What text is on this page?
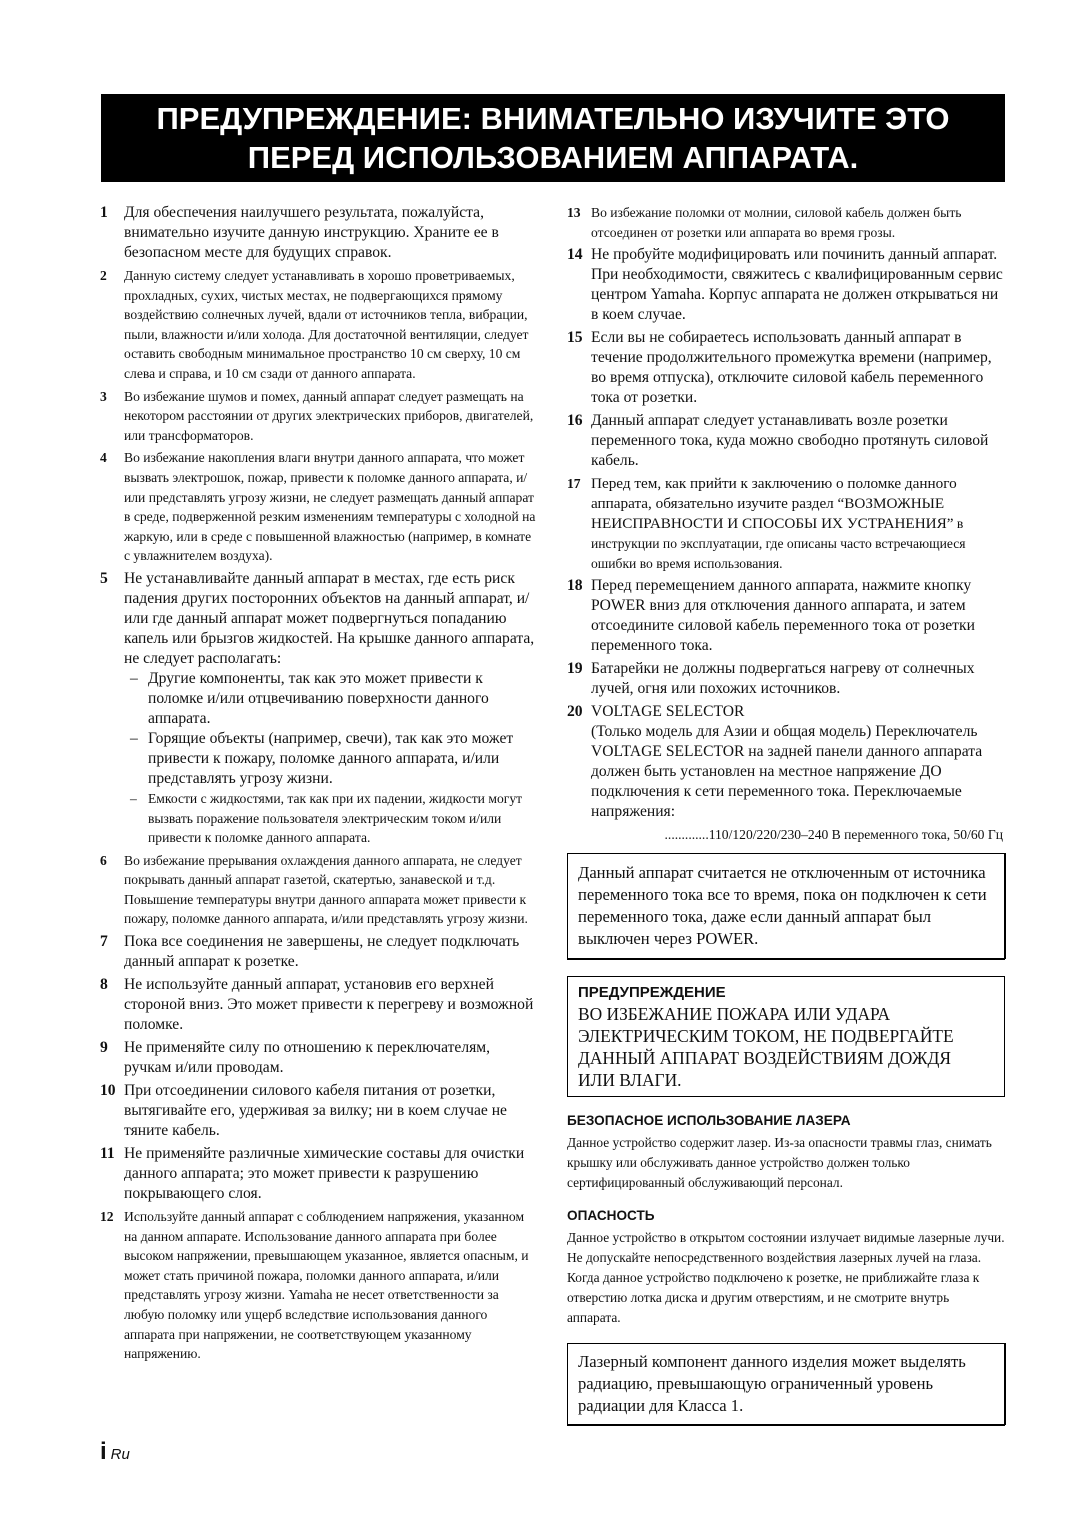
ПРЕДУПРЕЖДЕНИЕ: ВНИМАТЕЛЬНО ИЗУЧИТЕ ЭТО
ПЕРЕД ИСПОЛЬЗОВАНИЕМ АППАРАТА.
1 Для обеспечения наилучшего результата, пожалуйста, внимательно изучите данную инструкцию. Храните ее в безопасном месте для будущих справок.
2 Данную систему следует устанавливать в хорошо проветриваемых, прохладных, сухих, чистых местах, не подвергающихся прямому воздействию солнечных лучей, вдали от источников тепла, вибрации, пыли, влажности и/или холода. Для достаточной вентиляции, следует оставить свободным минимальное пространство 10 см сверху, 10 см слева и справа, и 10 см сзади от данного аппарата.
3 Во избежание шумов и помех, данный аппарат следует размещать на некотором расстоянии от других электрических приборов, двигателей, или трансформаторов.
4 Во избежание накопления влаги внутри данного аппарата, что может вызвать электрошок, пожар, привести к поломке данного аппарата, и/или представлять угрозу жизни, не следует размещать данный аппарат в среде, подверженной резким изменениям температуры с холодной на жаркую, или в среде с повышенной влажностью (например, в комнате с увлажнителем воздуха).
5 Не устанавливайте данный аппарат в местах, где есть риск падения других посторонних объектов на данный аппарат, и/или где данный аппарат может подвергнуться попаданию капель или брызгов жидкостей. На крышке данного аппарата, не следует располагать:
– Другие компоненты, так как это может привести к поломке и/или отцвечиванию поверхности данного аппарата.
– Горящие объекты (например, свечи), так как это может привести к пожару, поломке данного аппарата, и/или представлять угрозу жизни.
– Емкости с жидкостями, так как при их падении, жидкости могут вызвать поражение пользователя электрическим током и/или привести к поломке данного аппарата.
6 Во избежание прерывания охлаждения данного аппарата, не следует покрывать данный аппарат газетой, скатертью, занавеской и т.д. Повышение температуры внутри данного аппарата может привести к пожару, поломке данного аппарата, и/или представлять угрозу жизни.
7 Пока все соединения не завершены, не следует подключать данный аппарат к розетке.
8 Не используйте данный аппарат, установив его верхней стороной вниз. Это может привести к перегреву и возможной поломке.
9 Не применяйте силу по отношению к переключателям, ручкам и/или проводам.
10 При отсоединении силового кабеля питания от розетки, вытягивайте его, удерживая за вилку; ни в коем случае не тяните кабель.
11 Не применяйте различные химические составы для очистки данного аппарата; это может привести к разрушению покрывающего слоя.
12 Используйте данный аппарат с соблюдением напряжения, указанном на данном аппарате. Использование данного аппарата при более высоком напряжении, превышающем указанное, является опасным, и может стать причиной пожара, поломки данного аппарата, и/или представлять угрозу жизни. Yamaha не несет ответственности за любую поломку или ущерб вследствие использования данного аппарата при напряжении, не соответствующем указанному напряжению.
13 Во избежание поломки от молнии, силовой кабель должен быть отсоединен от розетки или аппарата во время грозы.
14 Не пробуйте модифицировать или починить данный аппарат. При необходимости, свяжитесь с квалифицированным сервис центром Yamaha. Корпус аппарата не должен открываться ни в коем случае.
15 Если вы не собираетесь использовать данный аппарат в течение продолжительного промежутка времени (например, во время отпуска), отключите силовой кабель переменного тока от розетки.
16 Данный аппарат следует устанавливать возле розетки переменного тока, куда можно свободно протянуть силовой кабель.
17 Перед тем, как прийти к заключению о поломке данного аппарата, обязательно изучите раздел “ВОЗМОЖНЫЕ НЕИСПРАВНОСТИ И СПОСОБЫ ИХ УСТРАНЕНИЯ” в инструкции по эксплуатации, где описаны часто встречающиеся ошибки во время использования.
18 Перед перемещением данного аппарата, нажмите кнопку POWER вниз для отключения данного аппарата, и затем отсоедините силовой кабель переменного тока от розетки переменного тока.
19 Батарейки не должны подвергаться нагреву от солнечных лучей, огня или похожих источников.
20 VOLTAGE SELECTOR
(Только модель для Азии и общая модель) Переключатель VOLTAGE SELECTOR на задней панели данного аппарата должен быть установлен на местное напряжение ДО подключения к сети переменного тока. Переключаемые напряжения:
.............110/120/220/230–240 В переменного тока, 50/60 Гц
Данный аппарат считается не отключенным от источника переменного тока все то время, пока он подключен к сети переменного тока, даже если данный аппарат был выключен через POWER.
ПРЕДУПРЕЖДЕНИЕ
ВО ИЗБЕЖАНИЕ ПОЖАРА ИЛИ УДАРА ЭЛЕКТРИЧЕСКИМ ТОКОМ, НЕ ПОДВЕРГАЙТЕ ДАННЫЙ АППАРАТ ВОЗДЕЙСТВИЯМ ДОЖДЯ ИЛИ ВЛАГИ.
БЕЗОПАСНОЕ ИСПОЛЬЗОВАНИЕ ЛАЗЕРА
Данное устройство содержит лазер. Из-за опасности травмы глаз, снимать крышку или обслуживать данное устройство должен только сертифицированный обслуживающий персонал.
ОПАСНОСТЬ
Данное устройство в открытом состоянии излучает видимые лазерные лучи. Не допускайте непосредственного воздействия лазерных лучей на глаза. Когда данное устройство подключено к розетке, не приближайте глаза к отверстию лотка диска и другим отверстиям, и не смотрите внутрь аппарата.
Лазерный компонент данного изделия может выделять радиацию, превышающую ограниченный уровень радиации для Класса 1.
i Ru
